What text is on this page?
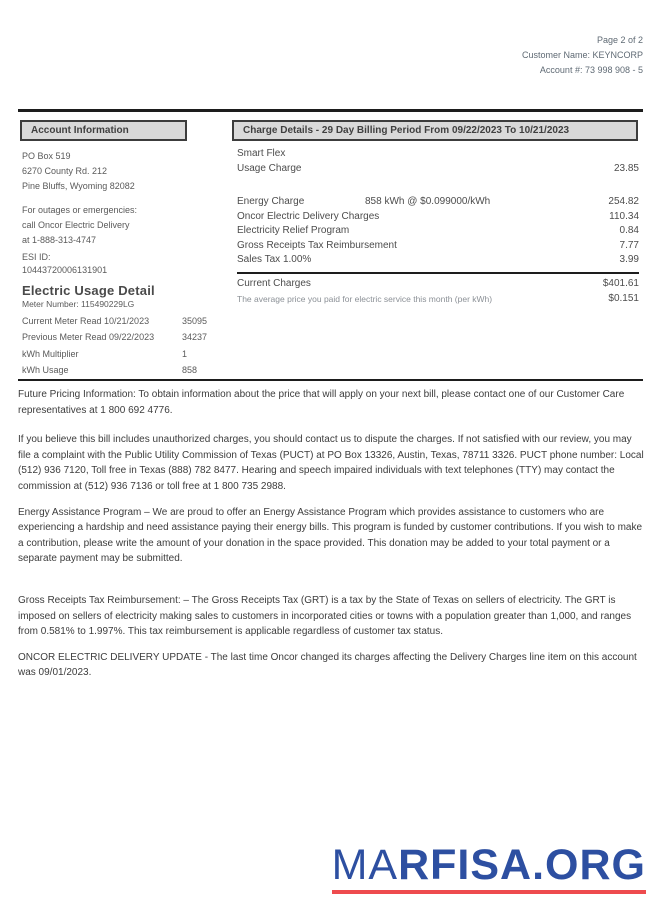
Page 2 of 2
Customer Name: KEYNCORP
Account #: 73 998 908 - 5
Account Information	Charge Details - 29 Day Billing Period From 09/22/2023 To 10/21/2023
PO Box 519
6270 County Rd. 212
Pine Bluffs, Wyoming 82082
For outages or emergencies:
call Oncor Electric Delivery
at 1-888-313-4747
ESI ID:
10443720006131901
Electric Usage Detail
Meter Number: 115490229LG
Current Meter Read 10/21/2023	35095
Previous Meter Read 09/22/2023	34237
kWh Multiplier	1
kWh Usage	858
Smart Flex
Usage Charge	23.85
Energy Charge	858 kWh @ $0.099000/kWh	254.82
Oncor Electric Delivery Charges	110.34
Electricity Relief Program	0.84
Gross Receipts Tax Reimbursement	7.77
Sales Tax 1.00%	3.99
Current Charges	$401.61
The average price you paid for electric service this month (per kWh)	$0.151

Future Pricing Information: To obtain information about the price that will apply on your next bill, please contact one of our Customer Care representatives at 1 800 692 4776.

If you believe this bill includes unauthorized charges, you should contact us to dispute the charges. If not satisfied with our review, you may file a complaint with the Public Utility Commission of Texas (PUCT) at PO Box 13326, Austin, Texas, 78711 3326. PUCT phone number: Local (512) 936 7120, Toll free in Texas (888) 782 8477. Hearing and speech impaired individuals with text telephones (TTY) may contact the commission at (512) 936 7136 or toll free at 1 800 735 2988.

Energy Assistance Program – We are proud to offer an Energy Assistance Program which provides assistance to customers who are experiencing a hardship and need assistance paying their energy bills. This program is funded by customer contributions. If you wish to make a contribution, please write the amount of your donation in the space provided. This donation may be added to your total payment or a separate payment may be submitted.

Gross Receipts Tax Reimbursement: – The Gross Receipts Tax (GRT) is a tax by the State of Texas on sellers of electricity. The GRT is imposed on sellers of electricity making sales to customers in incorporated cities or towns with a population greater than 1,000, and ranges from 0.581% to 1.997%. This tax reimbursement is applicable regardless of customer tax status.

ONCOR ELECTRIC DELIVERY UPDATE - The last time Oncor changed its charges affecting the Delivery Charges line item on this account was 09/01/2023.

MARFISA.ORG
